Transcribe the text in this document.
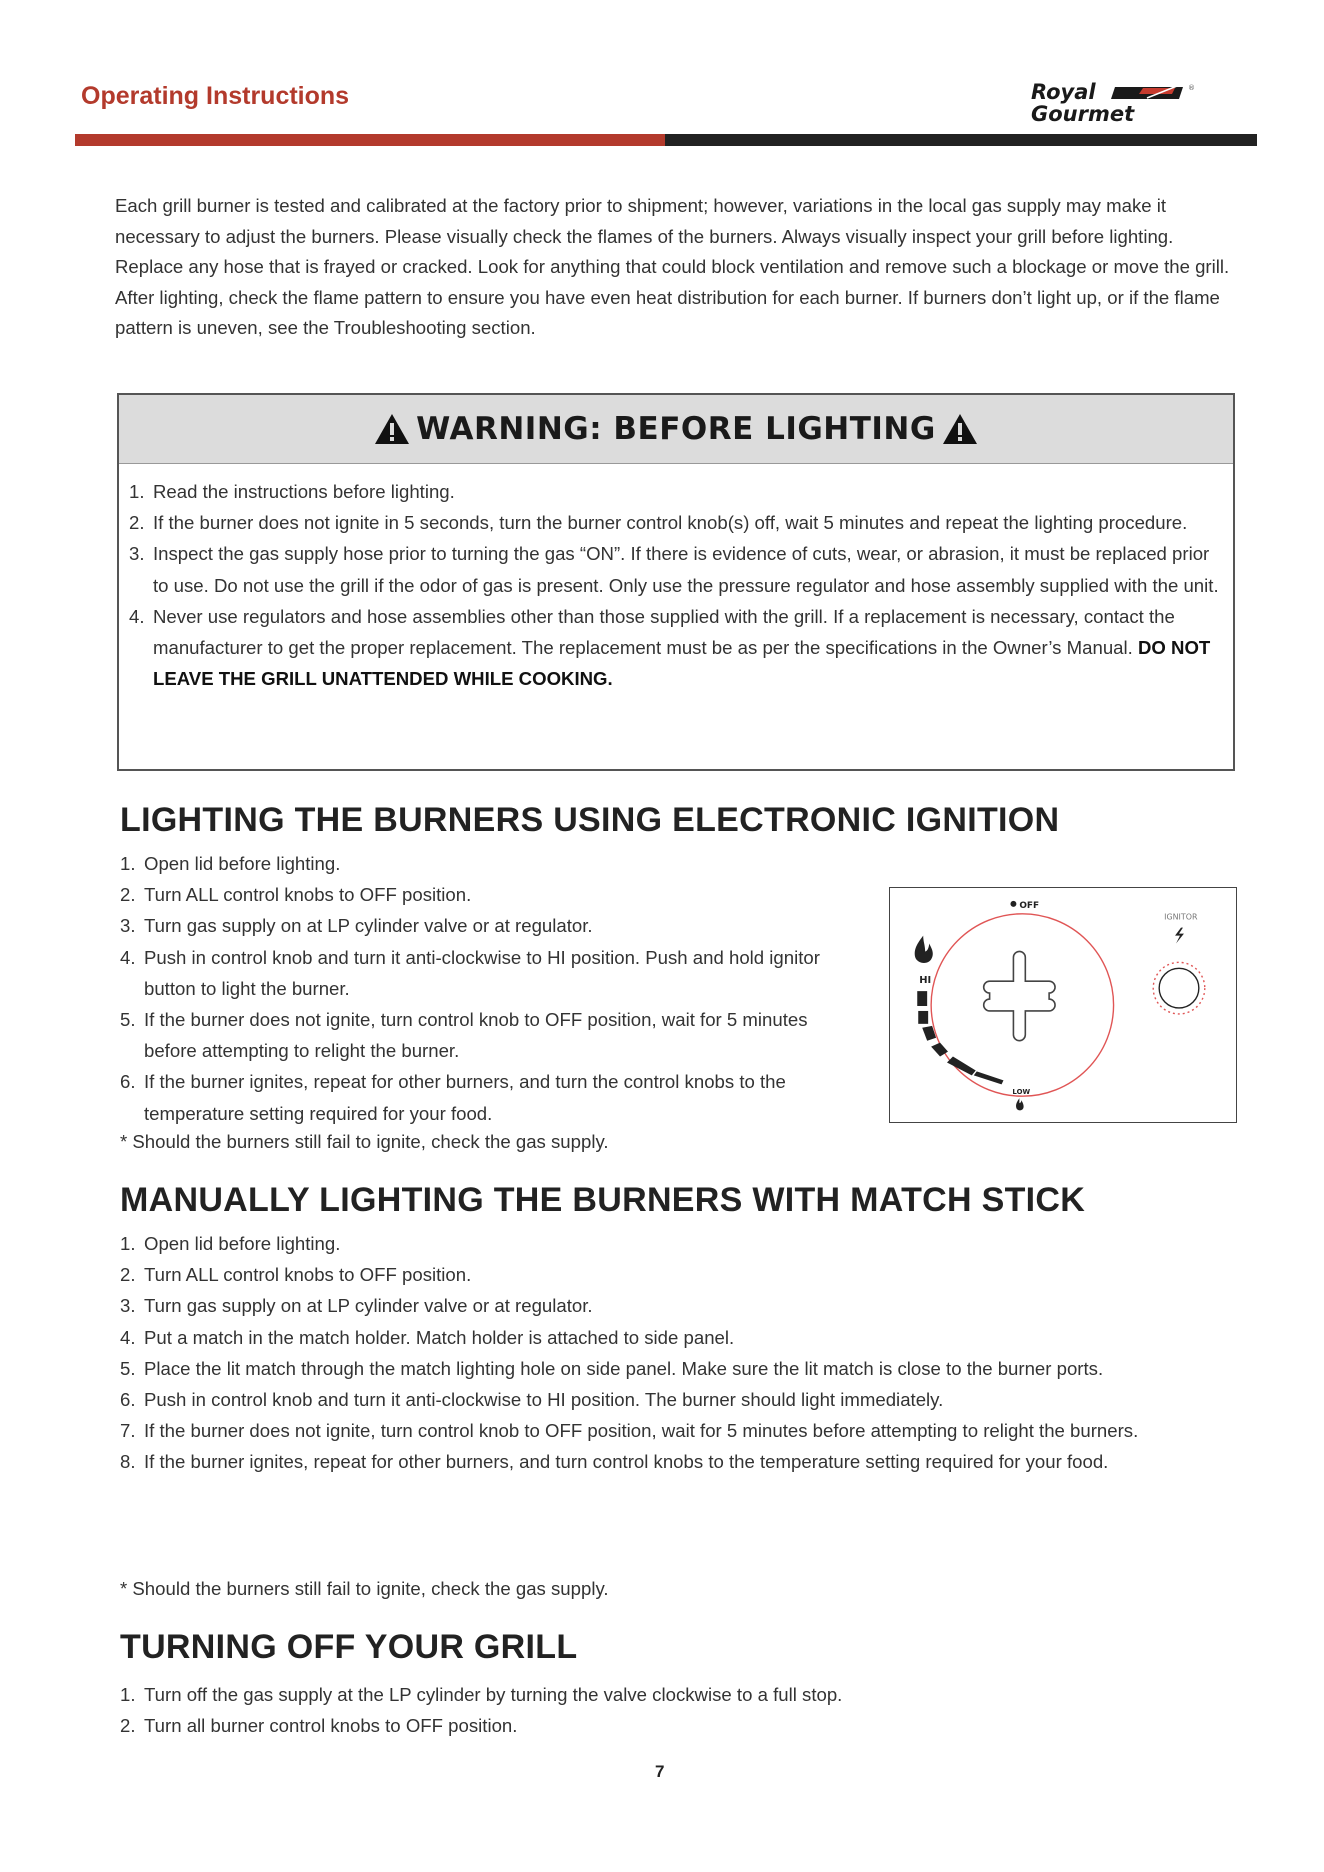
Operating Instructions	Royal	®
Gourmet
Each grill burner is tested and calibrated at the factory prior to shipment; however, variations in the local gas supply may make it necessary to adjust the burners. Please visually check the flames of the burners. Always visually inspect your grill before lighting. Replace any hose that is frayed or cracked. Look for anything that could block ventilation and remove such a blockage or move the grill. After lighting, check the flame pattern to ensure you have even heat distribution for each burner. If burners don’t light up, or if the flame pattern is uneven, see the Troubleshooting section.
WARNING: BEFORE LIGHTING
1. Read the instructions before lighting.
2. If the burner does not ignite in 5 seconds, turn the burner control knob(s) off, wait 5 minutes and repeat the lighting procedure.
3. Inspect the gas supply hose prior to turning the gas “ON”. If there is evidence of cuts, wear, or abrasion, it must be replaced prior to use. Do not use the grill if the odor of gas is present. Only use the pressure regulator and hose assembly supplied with the unit.
4. Never use regulators and hose assemblies other than those supplied with the grill. If a replacement is necessary, contact the manufacturer to get the proper replacement. The replacement must be as per the specifications in the Owner’s Manual. DO NOT LEAVE THE GRILL UNATTENDED WHILE COOKING.
LIGHTING THE BURNERS USING ELECTRONIC IGNITION
1. Open lid before lighting.
2. Turn ALL control knobs to OFF position.
3. Turn gas supply on at LP cylinder valve or at regulator.
4. Push in control knob and turn it anti-clockwise to HI position. Push and hold ignitor button to light the burner.
5. If the burner does not ignite, turn control knob to OFF position, wait for 5 minutes before attempting to relight the burner.
6. If the burner ignites, repeat for other burners, and turn the control knobs to the temperature setting required for your food.
* Should the burners still fail to ignite, check the gas supply.
OFF
HI
LOW
IGNITOR
MANUALLY LIGHTING THE BURNERS WITH MATCH STICK
1. Open lid before lighting.
2. Turn ALL control knobs to OFF position.
3. Turn gas supply on at LP cylinder valve or at regulator.
4. Put a match in the match holder. Match holder is attached to side panel.
5. Place the lit match through the match lighting hole on side panel. Make sure the lit match is close to the burner ports.
6. Push in control knob and turn it anti-clockwise to HI position. The burner should light immediately.
7. If the burner does not ignite, turn control knob to OFF position, wait for 5 minutes before attempting to relight the burners.
8. If the burner ignites, repeat for other burners, and turn control knobs to the temperature setting required for your food.
* Should the burners still fail to ignite, check the gas supply.
TURNING OFF YOUR GRILL
1. Turn off the gas supply at the LP cylinder by turning the valve clockwise to a full stop.
2. Turn all burner control knobs to OFF position.
7
